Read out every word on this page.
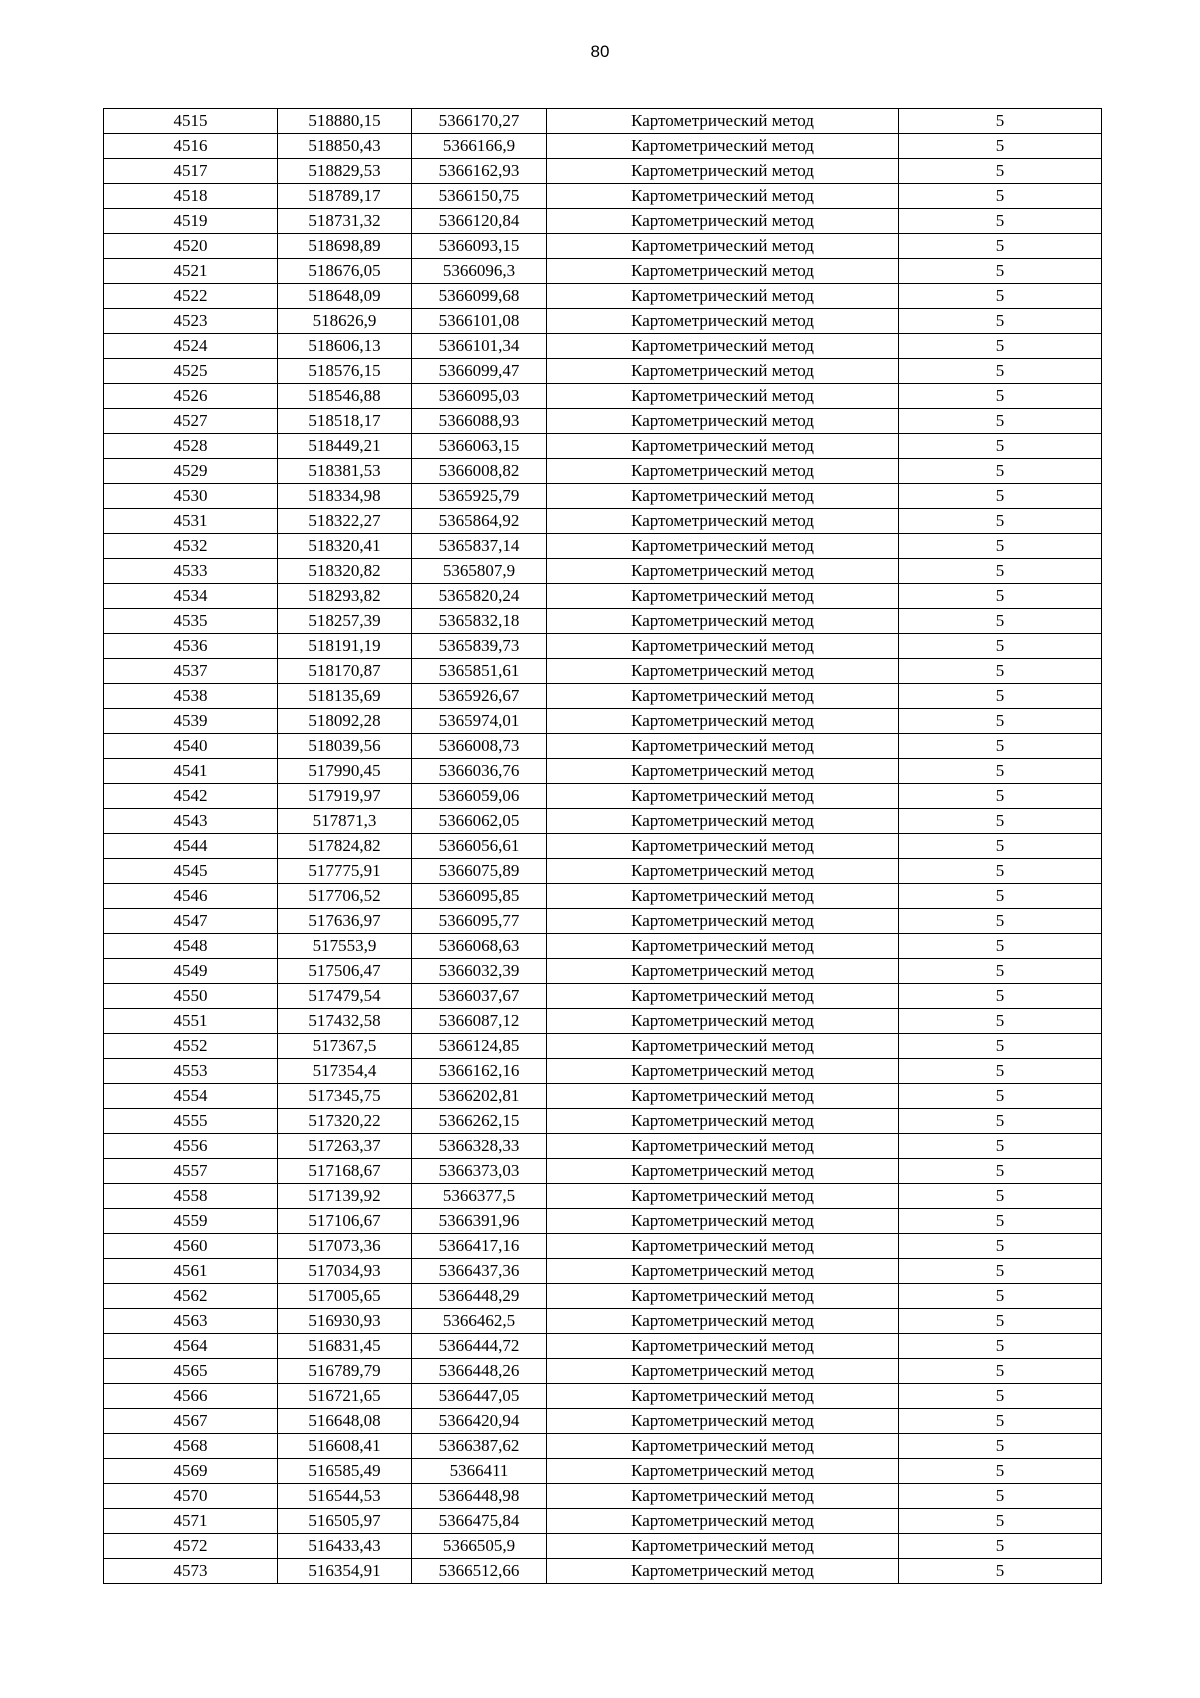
80
4515	518880,15	5366170,27	Картометрический метод	5
4516	518850,43	5366166,9	Картометрический метод	5
4517	518829,53	5366162,93	Картометрический метод	5
4518	518789,17	5366150,75	Картометрический метод	5
4519	518731,32	5366120,84	Картометрический метод	5
4520	518698,89	5366093,15	Картометрический метод	5
4521	518676,05	5366096,3	Картометрический метод	5
4522	518648,09	5366099,68	Картометрический метод	5
4523	518626,9	5366101,08	Картометрический метод	5
4524	518606,13	5366101,34	Картометрический метод	5
4525	518576,15	5366099,47	Картометрический метод	5
4526	518546,88	5366095,03	Картометрический метод	5
4527	518518,17	5366088,93	Картометрический метод	5
4528	518449,21	5366063,15	Картометрический метод	5
4529	518381,53	5366008,82	Картометрический метод	5
4530	518334,98	5365925,79	Картометрический метод	5
4531	518322,27	5365864,92	Картометрический метод	5
4532	518320,41	5365837,14	Картометрический метод	5
4533	518320,82	5365807,9	Картометрический метод	5
4534	518293,82	5365820,24	Картометрический метод	5
4535	518257,39	5365832,18	Картометрический метод	5
4536	518191,19	5365839,73	Картометрический метод	5
4537	518170,87	5365851,61	Картометрический метод	5
4538	518135,69	5365926,67	Картометрический метод	5
4539	518092,28	5365974,01	Картометрический метод	5
4540	518039,56	5366008,73	Картометрический метод	5
4541	517990,45	5366036,76	Картометрический метод	5
4542	517919,97	5366059,06	Картометрический метод	5
4543	517871,3	5366062,05	Картометрический метод	5
4544	517824,82	5366056,61	Картометрический метод	5
4545	517775,91	5366075,89	Картометрический метод	5
4546	517706,52	5366095,85	Картометрический метод	5
4547	517636,97	5366095,77	Картометрический метод	5
4548	517553,9	5366068,63	Картометрический метод	5
4549	517506,47	5366032,39	Картометрический метод	5
4550	517479,54	5366037,67	Картометрический метод	5
4551	517432,58	5366087,12	Картометрический метод	5
4552	517367,5	5366124,85	Картометрический метод	5
4553	517354,4	5366162,16	Картометрический метод	5
4554	517345,75	5366202,81	Картометрический метод	5
4555	517320,22	5366262,15	Картометрический метод	5
4556	517263,37	5366328,33	Картометрический метод	5
4557	517168,67	5366373,03	Картометрический метод	5
4558	517139,92	5366377,5	Картометрический метод	5
4559	517106,67	5366391,96	Картометрический метод	5
4560	517073,36	5366417,16	Картометрический метод	5
4561	517034,93	5366437,36	Картометрический метод	5
4562	517005,65	5366448,29	Картометрический метод	5
4563	516930,93	5366462,5	Картометрический метод	5
4564	516831,45	5366444,72	Картометрический метод	5
4565	516789,79	5366448,26	Картометрический метод	5
4566	516721,65	5366447,05	Картометрический метод	5
4567	516648,08	5366420,94	Картометрический метод	5
4568	516608,41	5366387,62	Картометрический метод	5
4569	516585,49	5366411	Картометрический метод	5
4570	516544,53	5366448,98	Картометрический метод	5
4571	516505,97	5366475,84	Картометрический метод	5
4572	516433,43	5366505,9	Картометрический метод	5
4573	516354,91	5366512,66	Картометрический метод	5
